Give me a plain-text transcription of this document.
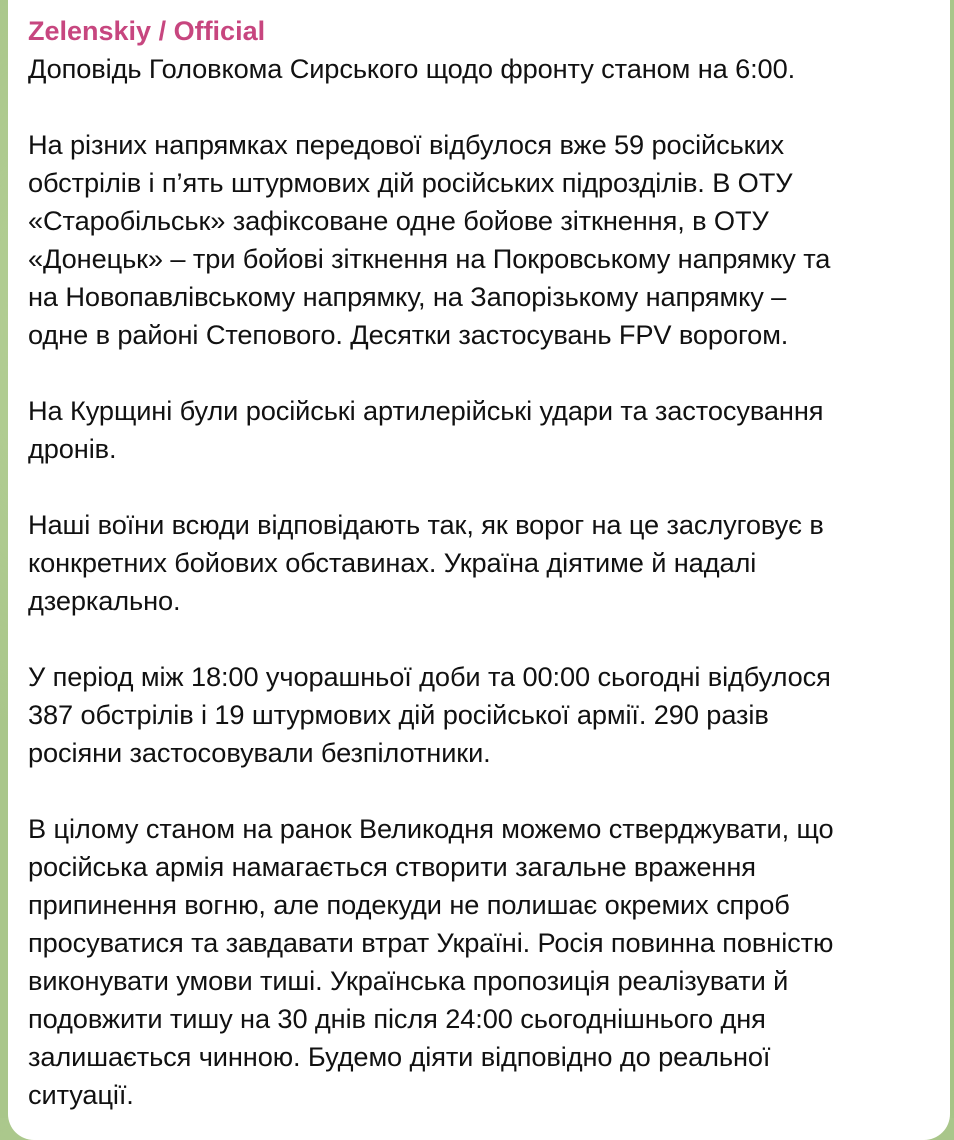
Zelenskiy / Official

Доповідь Головкома Сирського щодо фронту станом на 6:00.

На різних напрямках передової відбулося вже 59 російських
обстрілів і п’ять штурмових дій російських підрозділів. В ОТУ
«Старобільськ» зафіксоване одне бойове зіткнення, в ОТУ
«Донецьк» – три бойові зіткнення на Покровському напрямку та
на Новопавлівському напрямку, на Запорізькому напрямку –
одне в районі Степового. Десятки застосувань FPV ворогом.

На Курщині були російські артилерійські удари та застосування
дронів.

Наші воїни всюди відповідають так, як ворог на це заслуговує в
конкретних бойових обставинах. Україна діятиме й надалі
дзеркально.

У період між 18:00 учорашньої доби та 00:00 сьогодні відбулося
387 обстрілів і 19 штурмових дій російської армії. 290 разів
росіяни застосовували безпілотники.

В цілому станом на ранок Великодня можемо стверджувати, що
російська армія намагається створити загальне враження
припинення вогню, але подекуди не полишає окремих спроб
просуватися та завдавати втрат Україні. Росія повинна повністю
виконувати умови тиші. Українська пропозиція реалізувати й
подовжити тишу на 30 днів після 24:00 сьогоднішнього дня
залишається чинною. Будемо діяти відповідно до реальної
ситуації.
